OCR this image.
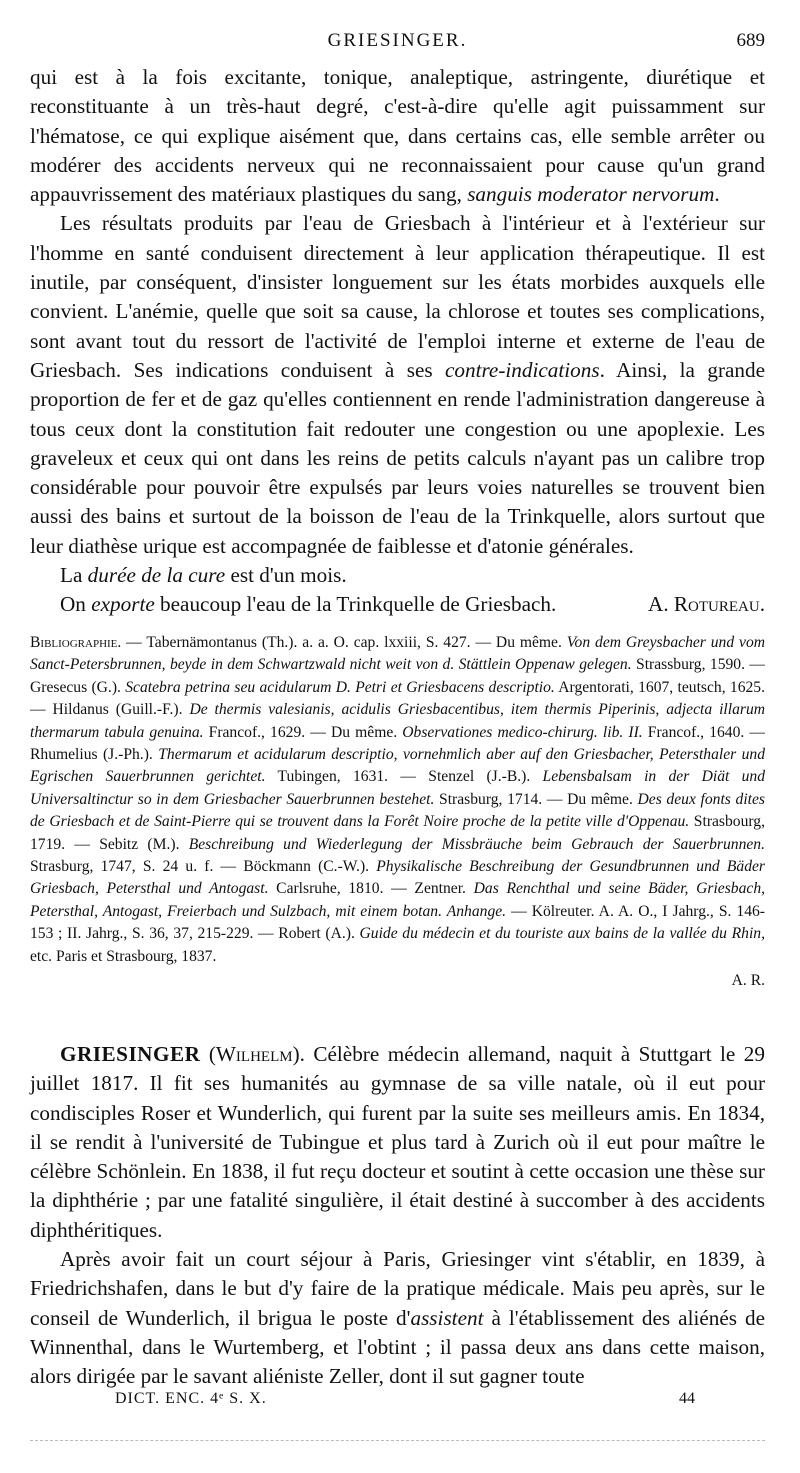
GRIESINGER.	689

qui est à la fois excitante, tonique, analeptique, astringente, diurétique et reconstituante à un très-haut degré, c'est-à-dire qu'elle agit puissamment sur l'hématose, ce qui explique aisément que, dans certains cas, elle semble arrêter ou modérer des accidents nerveux qui ne reconnaissaient pour cause qu'un grand appauvrissement des matériaux plastiques du sang, sanguis moderator nervorum.

Les résultats produits par l'eau de Griesbach à l'intérieur et à l'extérieur sur l'homme en santé conduisent directement à leur application thérapeutique. Il est inutile, par conséquent, d'insister longuement sur les états morbides auxquels elle convient. L'anémie, quelle que soit sa cause, la chlorose et toutes ses complications, sont avant tout du ressort de l'activité de l'emploi interne et externe de l'eau de Griesbach. Ses indications conduisent à ses contre-indications. Ainsi, la grande proportion de fer et de gaz qu'elles contiennent en rende l'administration dangereuse à tous ceux dont la constitution fait redouter une congestion ou une apoplexie. Les graveleux et ceux qui ont dans les reins de petits calculs n'ayant pas un calibre trop considérable pour pouvoir être expulsés par leurs voies naturelles se trouvent bien aussi des bains et surtout de la boisson de l'eau de la Trinkquelle, alors surtout que leur diathèse urique est accompagnée de faiblesse et d'atonie générales.

La durée de la cure est d'un mois.

On exporte beaucoup l'eau de la Trinkquelle de Griesbach.	A. Rotureau.

Bibliographie. — Tabernämontanus (Th.). a. a. O. cap. lxxiii, S. 427. — Du même. Von dem Greysbacher und vom Sanct-Petersbrunnen, beyde in dem Schwartzwald nicht weit von d. Stättlein Oppenaw gelegen. Strassburg, 1590. — Gresecus (G.). Scatebra petrina seu acidularum D. Petri et Griesbacens descriptio. Argentorati, 1607, teutsch, 1625. — Hildanus (Guill.-F.). De thermis valesianis, acidulis Griesbacentibus, item thermis Piperinis, adjecta illarum thermarum tabula genuina. Francof., 1629. — Du même. Observationes medico-chirurg. lib. II. Francof., 1640. — Rhumelius (J.-Ph.). Thermarum et acidularum descriptio, vornehmlich aber auf den Griesbacher, Petersthaler und Egrischen Sauerbrunnen gerichtet. Tubingen, 1631. — Stenzel (J.-B.). Lebensbalsam in der Diät und Universaltinctur so in dem Griesbacher Sauerbrunnen bestehet. Strasburg, 1714. — Du même. Des deux fonts dites de Griesbach et de Saint-Pierre qui se trouvent dans la Forêt Noire proche de la petite ville d'Oppenau. Strasbourg, 1719. — Sebitz (M.). Beschreibung und Wiederlegung der Missbräuche beim Gebrauch der Sauerbrunnen. Strasburg, 1747, S. 24 u. f. — Böckmann (C.-W.). Physikalische Beschreibung der Gesundbrunnen und Bäder Griesbach, Petersthal und Antogast. Carlsruhe, 1810. — Zentner. Das Renchthal und seine Bäder, Griesbach, Petersthal, Antogast, Freierbach und Sulzbach, mit einem botan. Anhange. — Kölreuter. A. A. O., I Jahrg., S. 146-153 ; II. Jahrg., S. 36, 37, 215-229. — Robert (A.). Guide du médecin et du touriste aux bains de la vallée du Rhin, etc. Paris et Strasbourg, 1837.

A. R.

GRIESINGER (Wilhelm). Célèbre médecin allemand, naquit à Stuttgart le 29 juillet 1817. Il fit ses humanités au gymnase de sa ville natale, où il eut pour condisciples Roser et Wunderlich, qui furent par la suite ses meilleurs amis. En 1834, il se rendit à l'université de Tubingue et plus tard à Zurich où il eut pour maître le célèbre Schönlein. En 1838, il fut reçu docteur et soutint à cette occasion une thèse sur la diphthérie ; par une fatalité singulière, il était destiné à succomber à des accidents diphthéritiques.

Après avoir fait un court séjour à Paris, Griesinger vint s'établir, en 1839, à Friedrichshafen, dans le but d'y faire de la pratique médicale. Mais peu après, sur le conseil de Wunderlich, il brigua le poste d'assistent à l'établissement des aliénés de Winnenthal, dans le Wurtemberg, et l'obtint ; il passa deux ans dans cette maison, alors dirigée par le savant aliéniste Zeller, dont il sut gagner toute

DICT. ENC. 4ᵉ S. X.	44
